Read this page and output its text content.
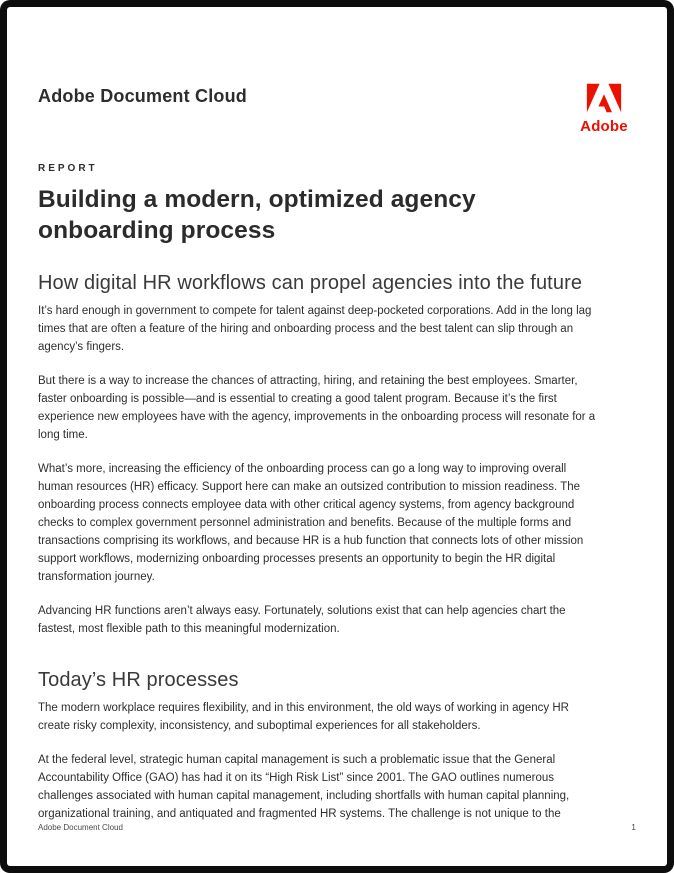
Adobe Document Cloud
Adobe
REPORT
Building a modern, optimized agency onboarding process
How digital HR workflows can propel agencies into the future

It’s hard enough in government to compete for talent against deep-pocketed corporations. Add in the long lag times that are often a feature of the hiring and onboarding process and the best talent can slip through an agency’s fingers.

But there is a way to increase the chances of attracting, hiring, and retaining the best employees. Smarter, faster onboarding is possible—and is essential to creating a good talent program. Because it’s the first experience new employees have with the agency, improvements in the onboarding process will resonate for a long time.

What’s more, increasing the efficiency of the onboarding process can go a long way to improving overall human resources (HR) efficacy. Support here can make an outsized contribution to mission readiness. The onboarding process connects employee data with other critical agency systems, from agency background checks to complex government personnel administration and benefits. Because of the multiple forms and transactions comprising its workflows, and because HR is a hub function that connects lots of other mission support workflows, modernizing onboarding processes presents an opportunity to begin the HR digital transformation journey.

Advancing HR functions aren’t always easy. Fortunately, solutions exist that can help agencies chart the fastest, most flexible path to this meaningful modernization.

Today’s HR processes

The modern workplace requires flexibility, and in this environment, the old ways of working in agency HR create risky complexity, inconsistency, and suboptimal experiences for all stakeholders.

At the federal level, strategic human capital management is such a problematic issue that the General Accountability Office (GAO) has had it on its “High Risk List” since 2001. The GAO outlines numerous challenges associated with human capital management, including shortfalls with human capital planning, organizational training, and antiquated and fragmented HR systems. The challenge is not unique to the

Adobe Document Cloud	1
